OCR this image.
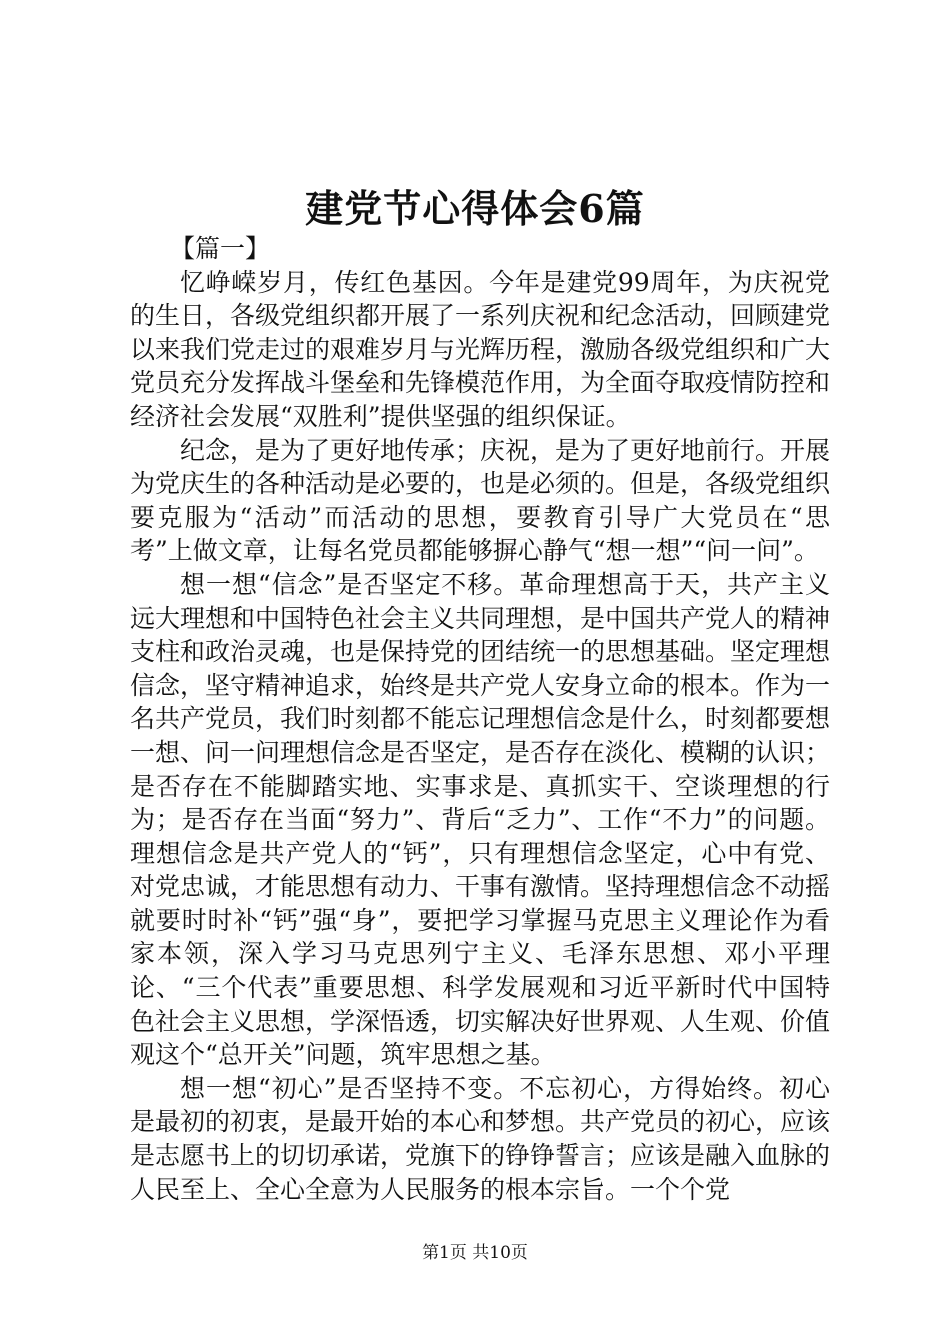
建党节心得体会6篇

【篇一】

忆峥嵘岁月，传红色基因。今年是建党99周年，为庆祝党的生日，各级党组织都开展了一系列庆祝和纪念活动，回顾建党以来我们党走过的艰难岁月与光辉历程，激励各级党组织和广大党员充分发挥战斗堡垒和先锋模范作用，为全面夺取疫情防控和经济社会发展“双胜利”提供坚强的组织保证。

纪念，是为了更好地传承；庆祝，是为了更好地前行。开展为党庆生的各种活动是必要的，也是必须的。但是，各级党组织要克服为“活动”而活动的思想，要教育引导广大党员在“思考”上做文章，让每名党员都能够摒心静气“想一想”“问一问”。

想一想“信念”是否坚定不移。革命理想高于天，共产主义远大理想和中国特色社会主义共同理想，是中国共产党人的精神支柱和政治灵魂，也是保持党的团结统一的思想基础。坚定理想信念，坚守精神追求，始终是共产党人安身立命的根本。作为一名共产党员，我们时刻都不能忘记理想信念是什么，时刻都要想一想、问一问理想信念是否坚定，是否存在淡化、模糊的认识；是否存在不能脚踏实地、实事求是、真抓实干、空谈理想的行为；是否存在当面“努力”、背后“乏力”、工作“不力”的问题。理想信念是共产党人的“钙”，只有理想信念坚定，心中有党、对党忠诚，才能思想有动力、干事有激情。坚持理想信念不动摇就要时时补“钙”强“身”，要把学习掌握马克思主义理论作为看家本领，深入学习马克思列宁主义、毛泽东思想、邓小平理论、“三个代表”重要思想、科学发展观和习近平新时代中国特色社会主义思想，学深悟透，切实解决好世界观、人生观、价值观这个“总开关”问题，筑牢思想之基。

想一想“初心”是否坚持不变。不忘初心，方得始终。初心是最初的初衷，是最开始的本心和梦想。共产党员的初心，应该是志愿书上的切切承诺，党旗下的铮铮誓言；应该是融入血脉的人民至上、全心全意为人民服务的根本宗旨。一个个党

第1页 共10页
